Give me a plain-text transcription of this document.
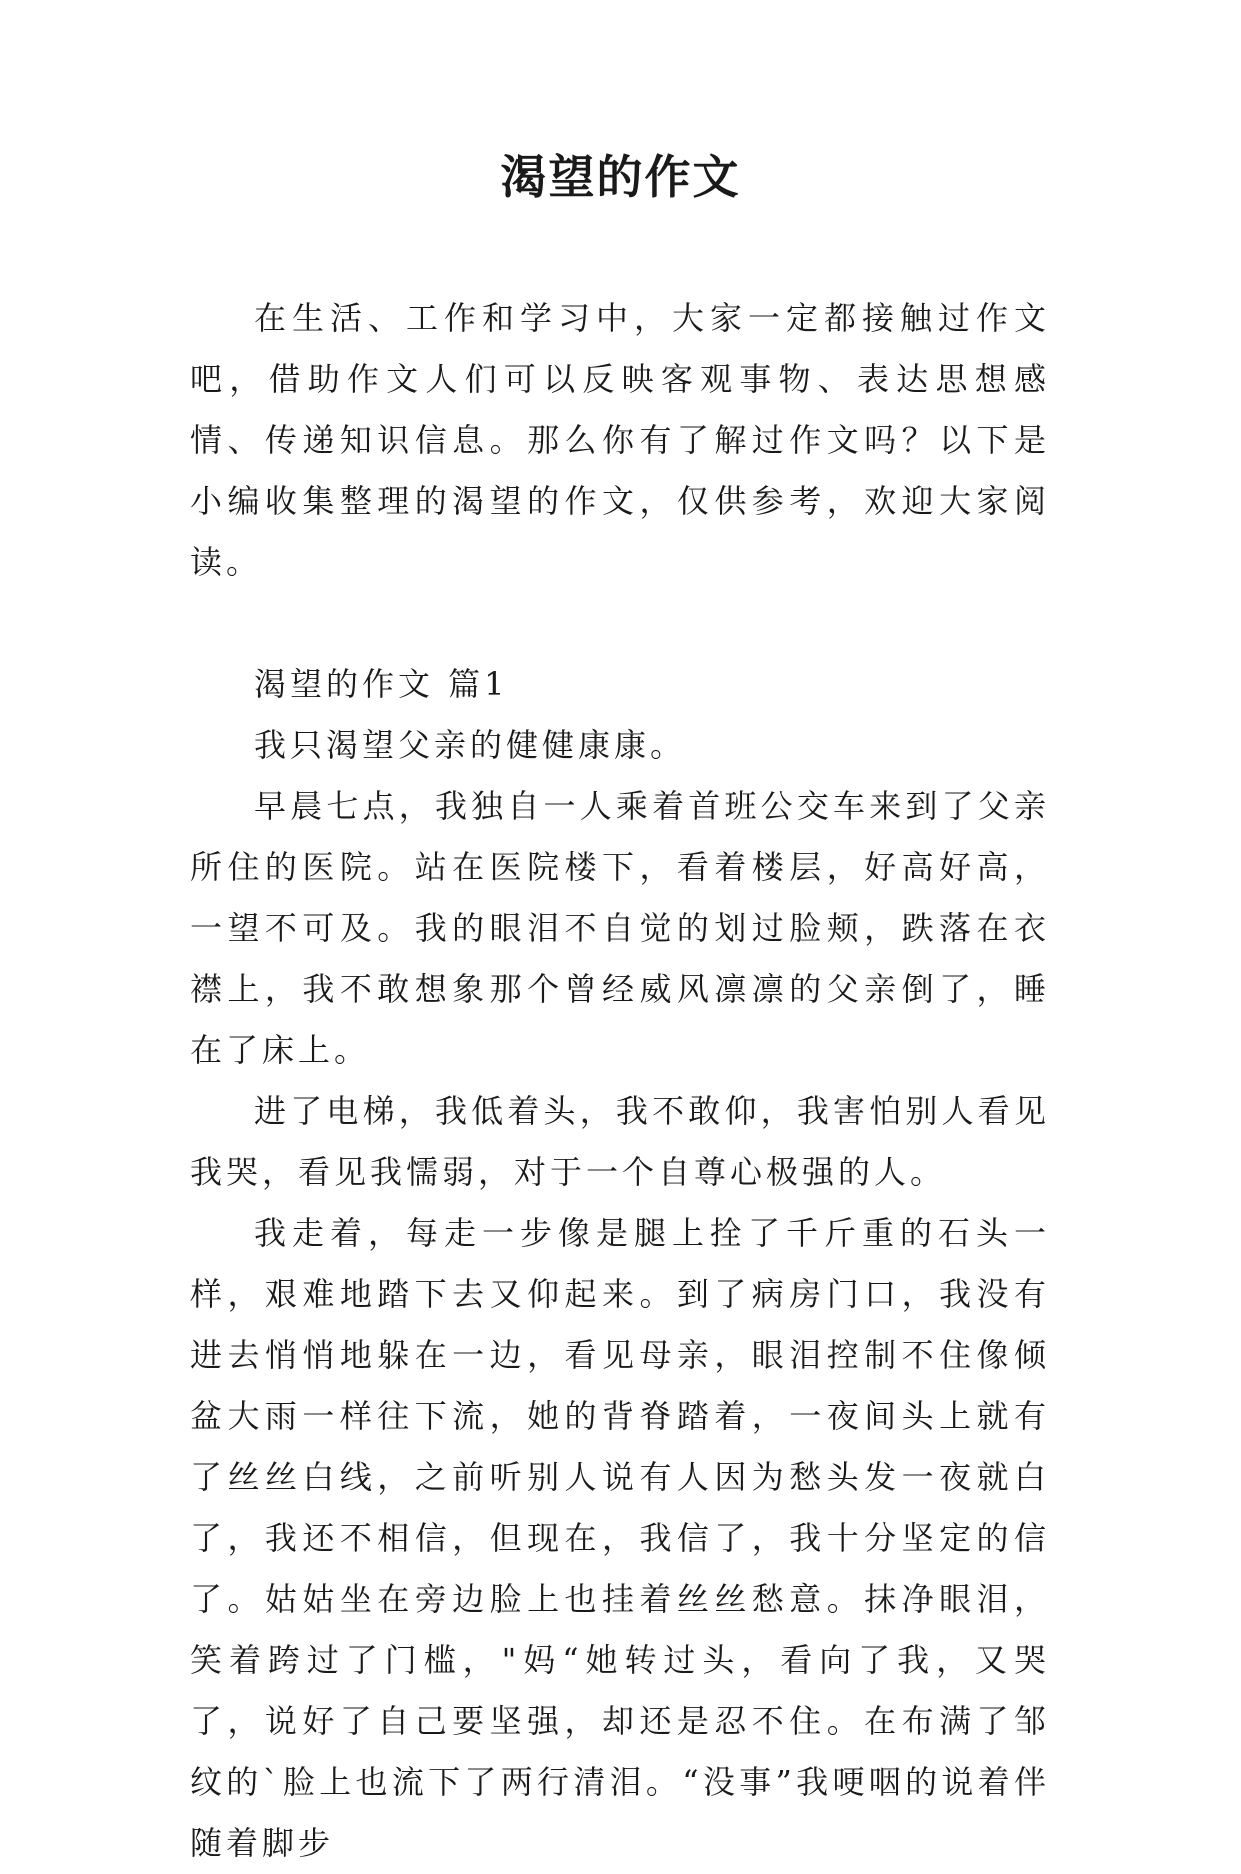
渴望的作文

在生活、工作和学习中，大家一定都接触过作文吧，借助作文人们可以反映客观事物、表达思想感情、传递知识信息。那么你有了解过作文吗？以下是小编收集整理的渴望的作文，仅供参考，欢迎大家阅读。

渴望的作文 篇1

我只渴望父亲的健健康康。

早晨七点，我独自一人乘着首班公交车来到了父亲所住的医院。站在医院楼下，看着楼层，好高好高，一望不可及。我的眼泪不自觉的划过脸颊，跌落在衣襟上，我不敢想象那个曾经威风凛凛的父亲倒了，睡在了床上。

进了电梯，我低着头，我不敢仰，我害怕别人看见我哭，看见我懦弱，对于一个自尊心极强的人。

我走着，每走一步像是腿上拴了千斤重的石头一样，艰难地踏下去又仰起来。到了病房门口，我没有进去悄悄地躲在一边，看见母亲，眼泪控制不住像倾盆大雨一样往下流，她的背脊踏着，一夜间头上就有了丝丝白线，之前听别人说有人因为愁头发一夜就白了，我还不相信，但现在，我信了，我十分坚定的信了。姑姑坐在旁边脸上也挂着丝丝愁意。抹净眼泪，笑着跨过了门槛，"妈“她转过头，看向了我，又哭了，说好了自己要坚强，却还是忍不住。在布满了邹纹的`脸上也流下了两行清泪。“没事”我哽咽的说着伴随着脚步
